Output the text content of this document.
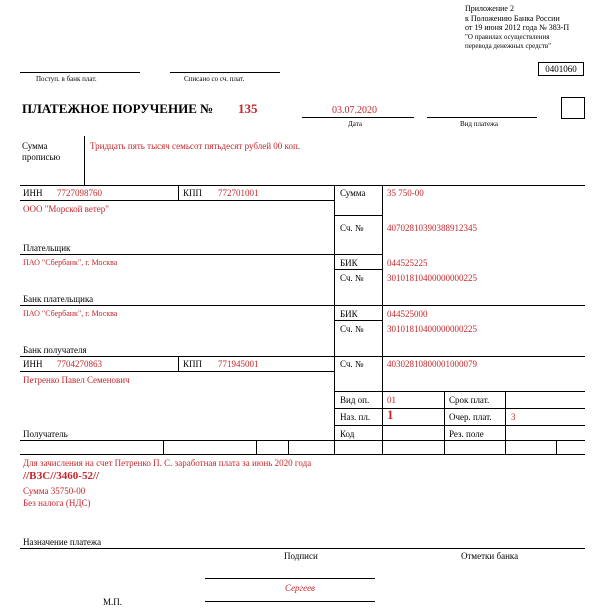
Приложение 2
к Положению Банка России
от 19 июня 2012 года № 383-П
"О правилах осуществления
перевода денежных средств"
0401060
Поступ. в банк плат.	Списано со сч. плат.
ПЛАТЕЖНОЕ ПОРУЧЕНИЕ № 135	03.07.2020
Дата	Вид платежа
Сумма
прописью
Тридцать пять тысяч семьсот пятьдесят рублей 00 коп.
ИНН 7727098760	КПП 772701001	Сумма 35 750-00
ООО "Морской ветер"
Сч. №	40702810390388912345
Плательщик
ПАО "Сбербанк", г. Москва	БИК	044525225
Сч. №	30101810400000000225
Банк плательщика
ПАО "Сбербанк", г. Москва	БИК	044525000
Сч. №	30101810400000000225
Банк получателя
ИНН 7704270863	КПП 771945001	Сч. №	40302810800001000079
Петренко Павел Семенович
Вид оп. 01	Срок плат.
Наз. пл. 1	Очер. плат. 3
Код	Рез. поле
Получатель
Для зачисления на счет Петренко П. С. заработная плата за июнь 2020 года
//ВЗС//3460-52//
Сумма 35750-00
Без налога (НДС)
Назначение платежа
Подписи	Отметки банка
Сергеев
М.П.
